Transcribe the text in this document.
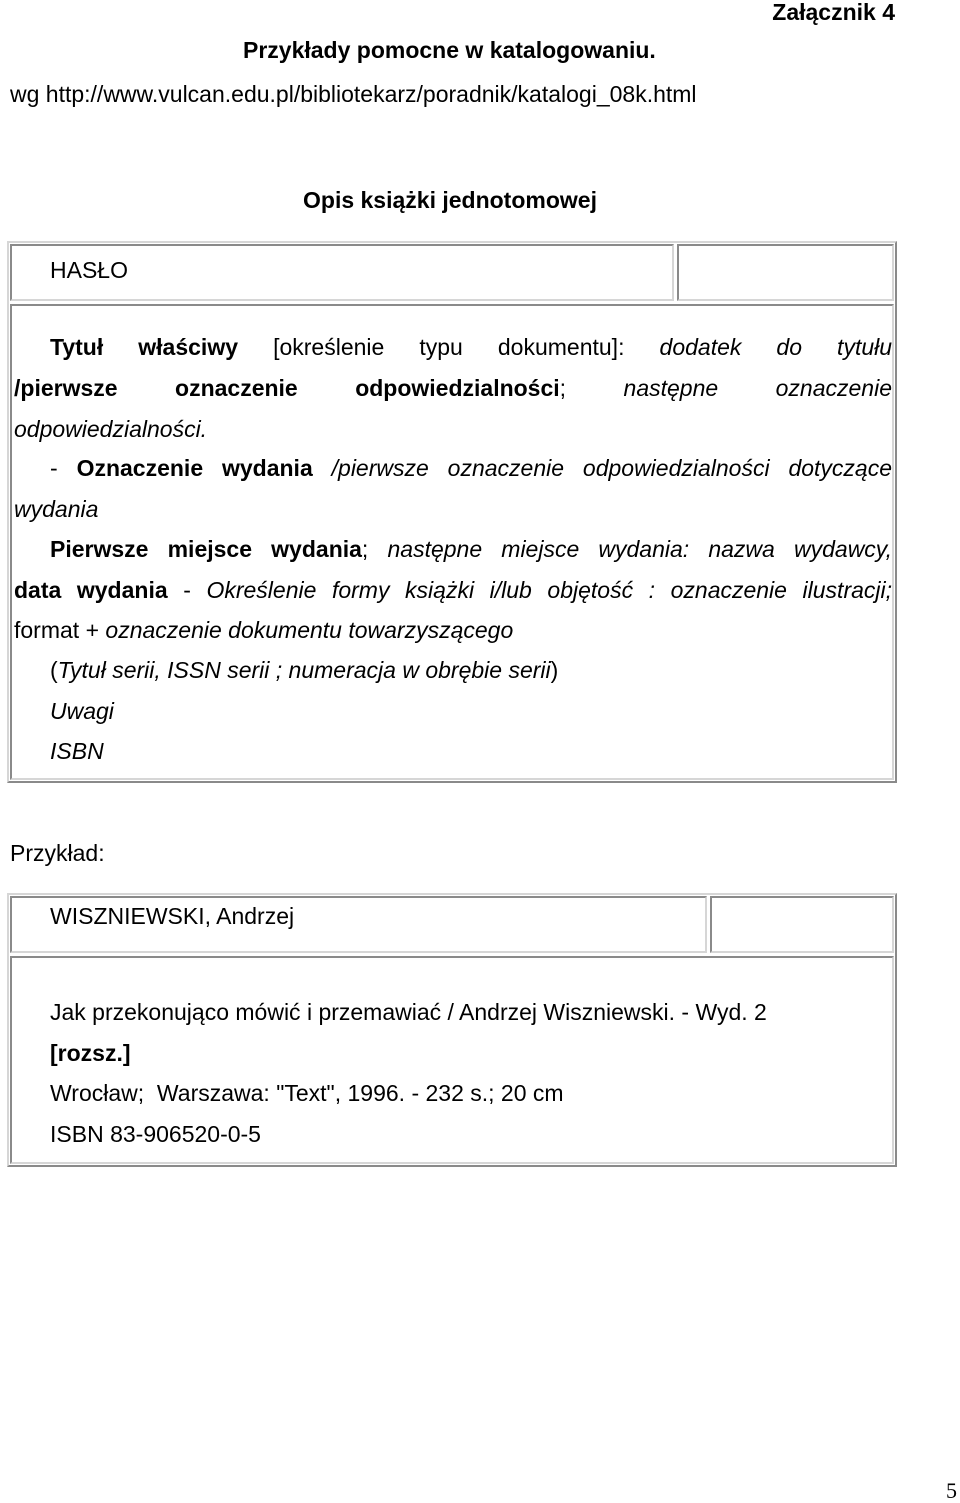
Załącznik 4
Przykłady pomocne w katalogowaniu.
wg http://www.vulcan.edu.pl/bibliotekarz/poradnik/katalogi_08k.html
Opis książki jednotomowej
HASŁO
Tytuł właściwy [określenie typu dokumentu]: dodatek do tytułu
/pierwsze oznaczenie odpowiedzialności; następne oznaczenie
odpowiedzialności.
- Oznaczenie wydania /pierwsze oznaczenie odpowiedzialności dotyczące
wydania
Pierwsze miejsce wydania; następne miejsce wydania: nazwa wydawcy,
data wydania - Określenie formy książki i/lub objętość : oznaczenie ilustracji;
format + oznaczenie dokumentu towarzyszącego
(Tytuł serii, ISSN serii ; numeracja w obrębie serii)
Uwagi
ISBN
Przykład:
WISZNIEWSKI, Andrzej
Jak przekonująco mówić i przemawiać / Andrzej Wiszniewski. - Wyd. 2
[rozsz.]
Wrocław;  Warszawa: "Text", 1996. - 232 s.; 20 cm
ISBN 83-906520-0-5
5
